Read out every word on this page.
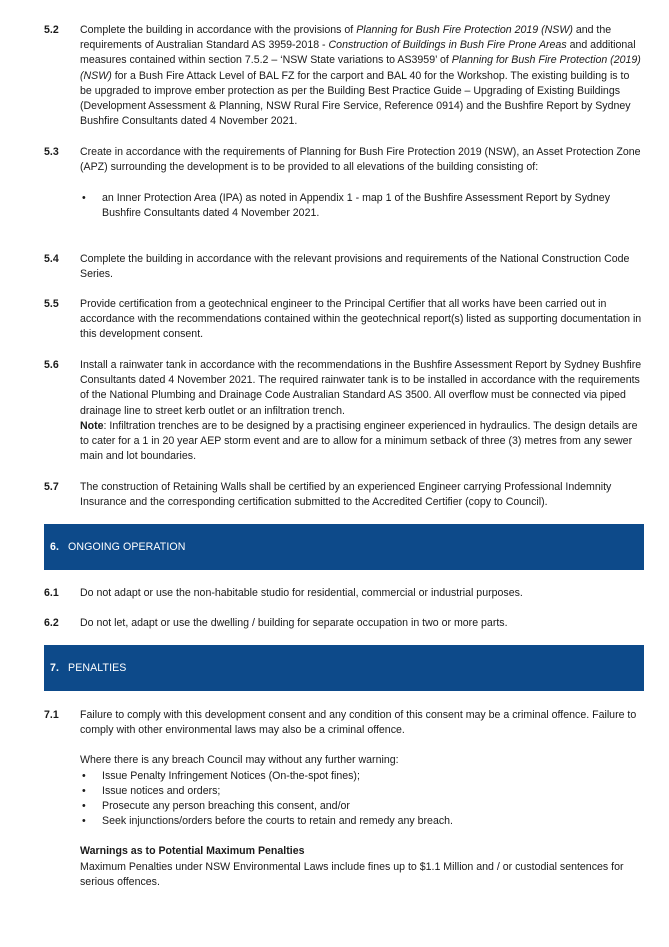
5.2 Complete the building in accordance with the provisions of Planning for Bush Fire Protection 2019 (NSW) and the requirements of Australian Standard AS 3959-2018 - Construction of Buildings in Bush Fire Prone Areas and additional measures contained within section 7.5.2 – ‘NSW State variations to AS3959’ of Planning for Bush Fire Protection (2019) (NSW) for a Bush Fire Attack Level of BAL FZ for the carport and BAL 40 for the Workshop. The existing building is to be upgraded to improve ember protection as per the Building Best Practice Guide – Upgrading of Existing Buildings (Development Assessment & Planning, NSW Rural Fire Service, Reference 0914) and the Bushfire Report by Sydney Bushfire Consultants dated 4 November 2021.

5.3 Create in accordance with the requirements of Planning for Bush Fire Protection 2019 (NSW), an Asset Protection Zone (APZ) surrounding the development is to be provided to all elevations of the building consisting of:

• an Inner Protection Area (IPA) as noted in Appendix 1 - map 1 of the Bushfire Assessment Report by Sydney Bushfire Consultants dated 4 November 2021.

5.4 Complete the building in accordance with the relevant provisions and requirements of the National Construction Code Series.

5.5 Provide certification from a geotechnical engineer to the Principal Certifier that all works have been carried out in accordance with the recommendations contained within the geotechnical report(s) listed as supporting documentation in this development consent.

5.6 Install a rainwater tank in accordance with the recommendations in the Bushfire Assessment Report by Sydney Bushfire Consultants dated 4 November 2021. The required rainwater tank is to be installed in accordance with the requirements of the National Plumbing and Drainage Code Australian Standard AS 3500. All overflow must be connected via piped drainage line to street kerb outlet or an infiltration trench.

Note: Infiltration trenches are to be designed by a practising engineer experienced in hydraulics. The design details are to cater for a 1 in 20 year AEP storm event and are to allow for a minimum setback of three (3) metres from any sewer main and lot boundaries.

5.7 The construction of Retaining Walls shall be certified by an experienced Engineer carrying Professional Indemnity Insurance and the corresponding certification submitted to the Accredited Certifier (copy to Council).

6. ONGOING OPERATION
6.1 Do not adapt or use the non-habitable studio for residential, commercial or industrial purposes.

6.2 Do not let, adapt or use the dwelling / building for separate occupation in two or more parts.

7. PENALTIES
7.1 Failure to comply with this development consent and any condition of this consent may be a criminal offence. Failure to comply with other environmental laws may also be a criminal offence.

Where there is any breach Council may without any further warning:

• Issue Penalty Infringement Notices (On-the-spot fines);

• Issue notices and orders;

• Prosecute any person breaching this consent, and/or

• Seek injunctions/orders before the courts to retain and remedy any breach.

Warnings as to Potential Maximum Penalties

Maximum Penalties under NSW Environmental Laws include fines up to $1.1 Million and / or custodial sentences for serious offences.
